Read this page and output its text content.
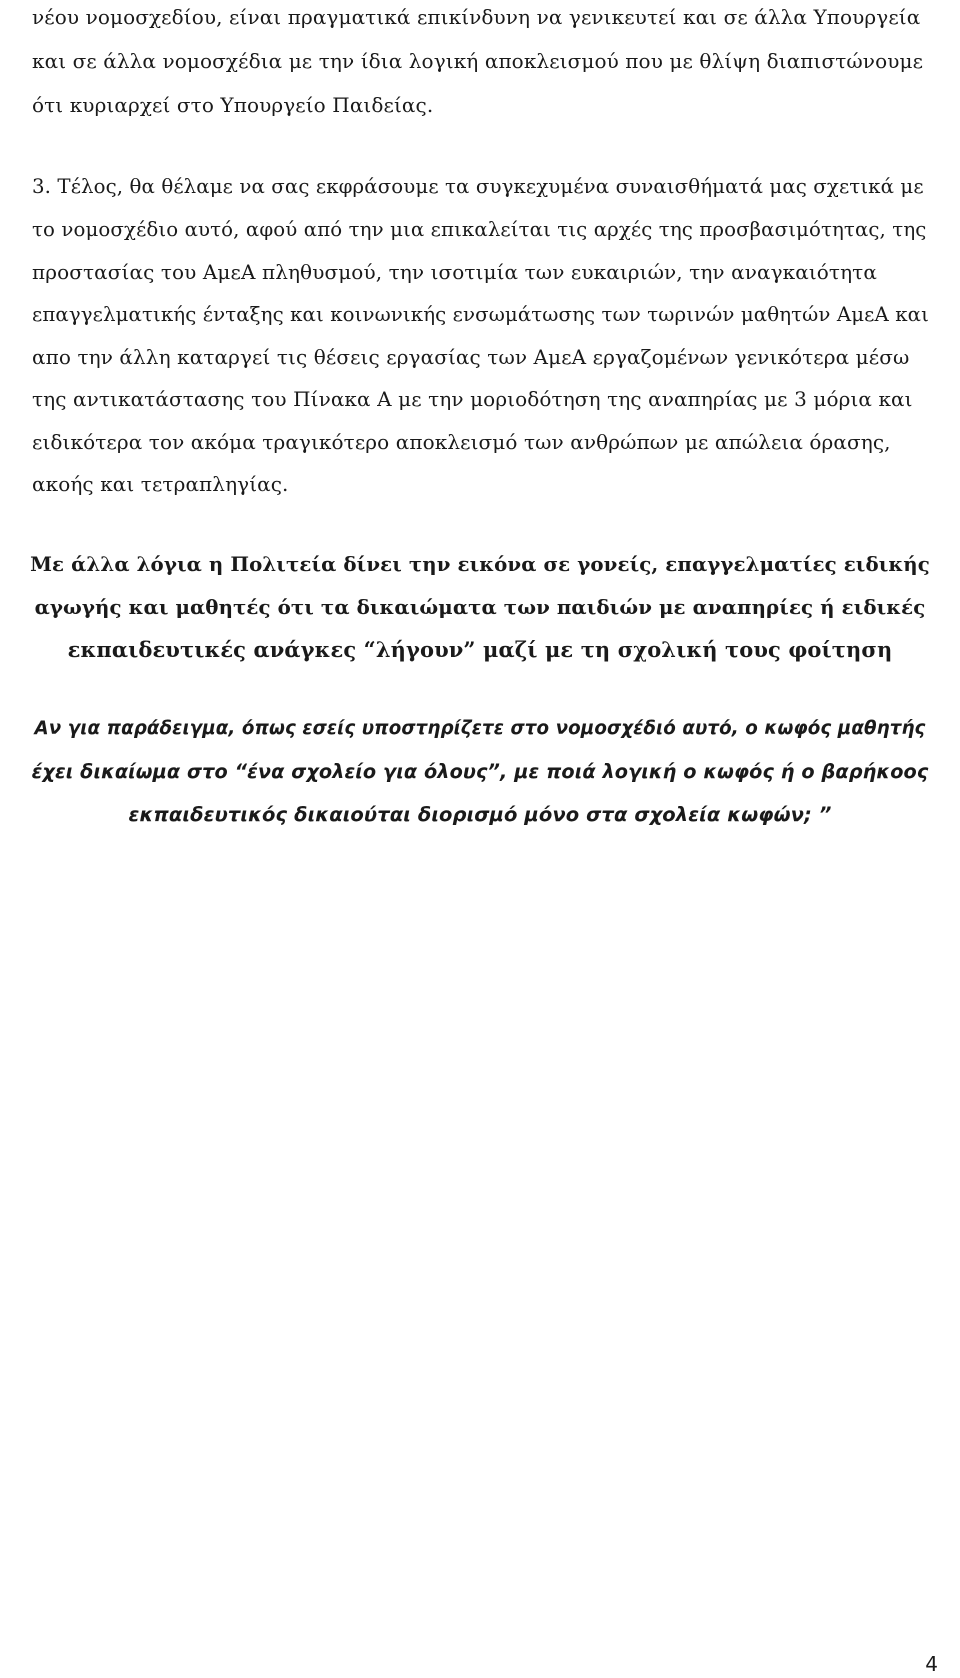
νέου νομοσχεδίου, είναι πραγματικά επικίνδυνη να γενικευτεί και σε άλλα Υπουργεία
και σε άλλα νομοσχέδια με την ίδια λογική αποκλεισμού που με θλίψη διαπιστώνουμε
ότι κυριαρχεί στο Υπουργείο Παιδείας.
3. Τέλος, θα θέλαμε να σας εκφράσουμε τα συγκεχυμένα συναισθήματά μας σχετικά με
το νομοσχέδιο αυτό, αφού από την μια επικαλείται τις αρχές της προσβασιμότητας, της
προστασίας του ΑμεΑ πληθυσμού, την ισοτιμία των ευκαιριών, την αναγκαιότητα
επαγγελματικής ένταξης και κοινωνικής ενσωμάτωσης των τωρινών μαθητών ΑμεΑ και
απο την άλλη καταργεί τις θέσεις εργασίας των ΑμεΑ εργαζομένων γενικότερα μέσω
της αντικατάστασης του Πίνακα Α με την μοριοδότηση της αναπηρίας με 3 μόρια και
ειδικότερα τον ακόμα τραγικότερο αποκλεισμό των ανθρώπων με απώλεια όρασης,
ακοής και τετραπληγίας.
Με άλλα λόγια η Πολιτεία δίνει την εικόνα σε γονείς, επαγγελματίες ειδικής
αγωγής και μαθητές ότι τα δικαιώματα των παιδιών με αναπηρίες ή ειδικές
εκπαιδευτικές ανάγκες “λήγουν” μαζί με τη σχολική τους φοίτηση
Αν για παράδειγμα, όπως εσείς υποστηρίζετε στο νομοσχέδιό αυτό, ο κωφός μαθητής
έχει δικαίωμα στο “ένα σχολείο για όλους”, με ποιά λογική ο κωφός ή ο βαρήκοος
εκπαιδευτικός δικαιούται διορισμό μόνο στα σχολεία κωφών; ”
4
